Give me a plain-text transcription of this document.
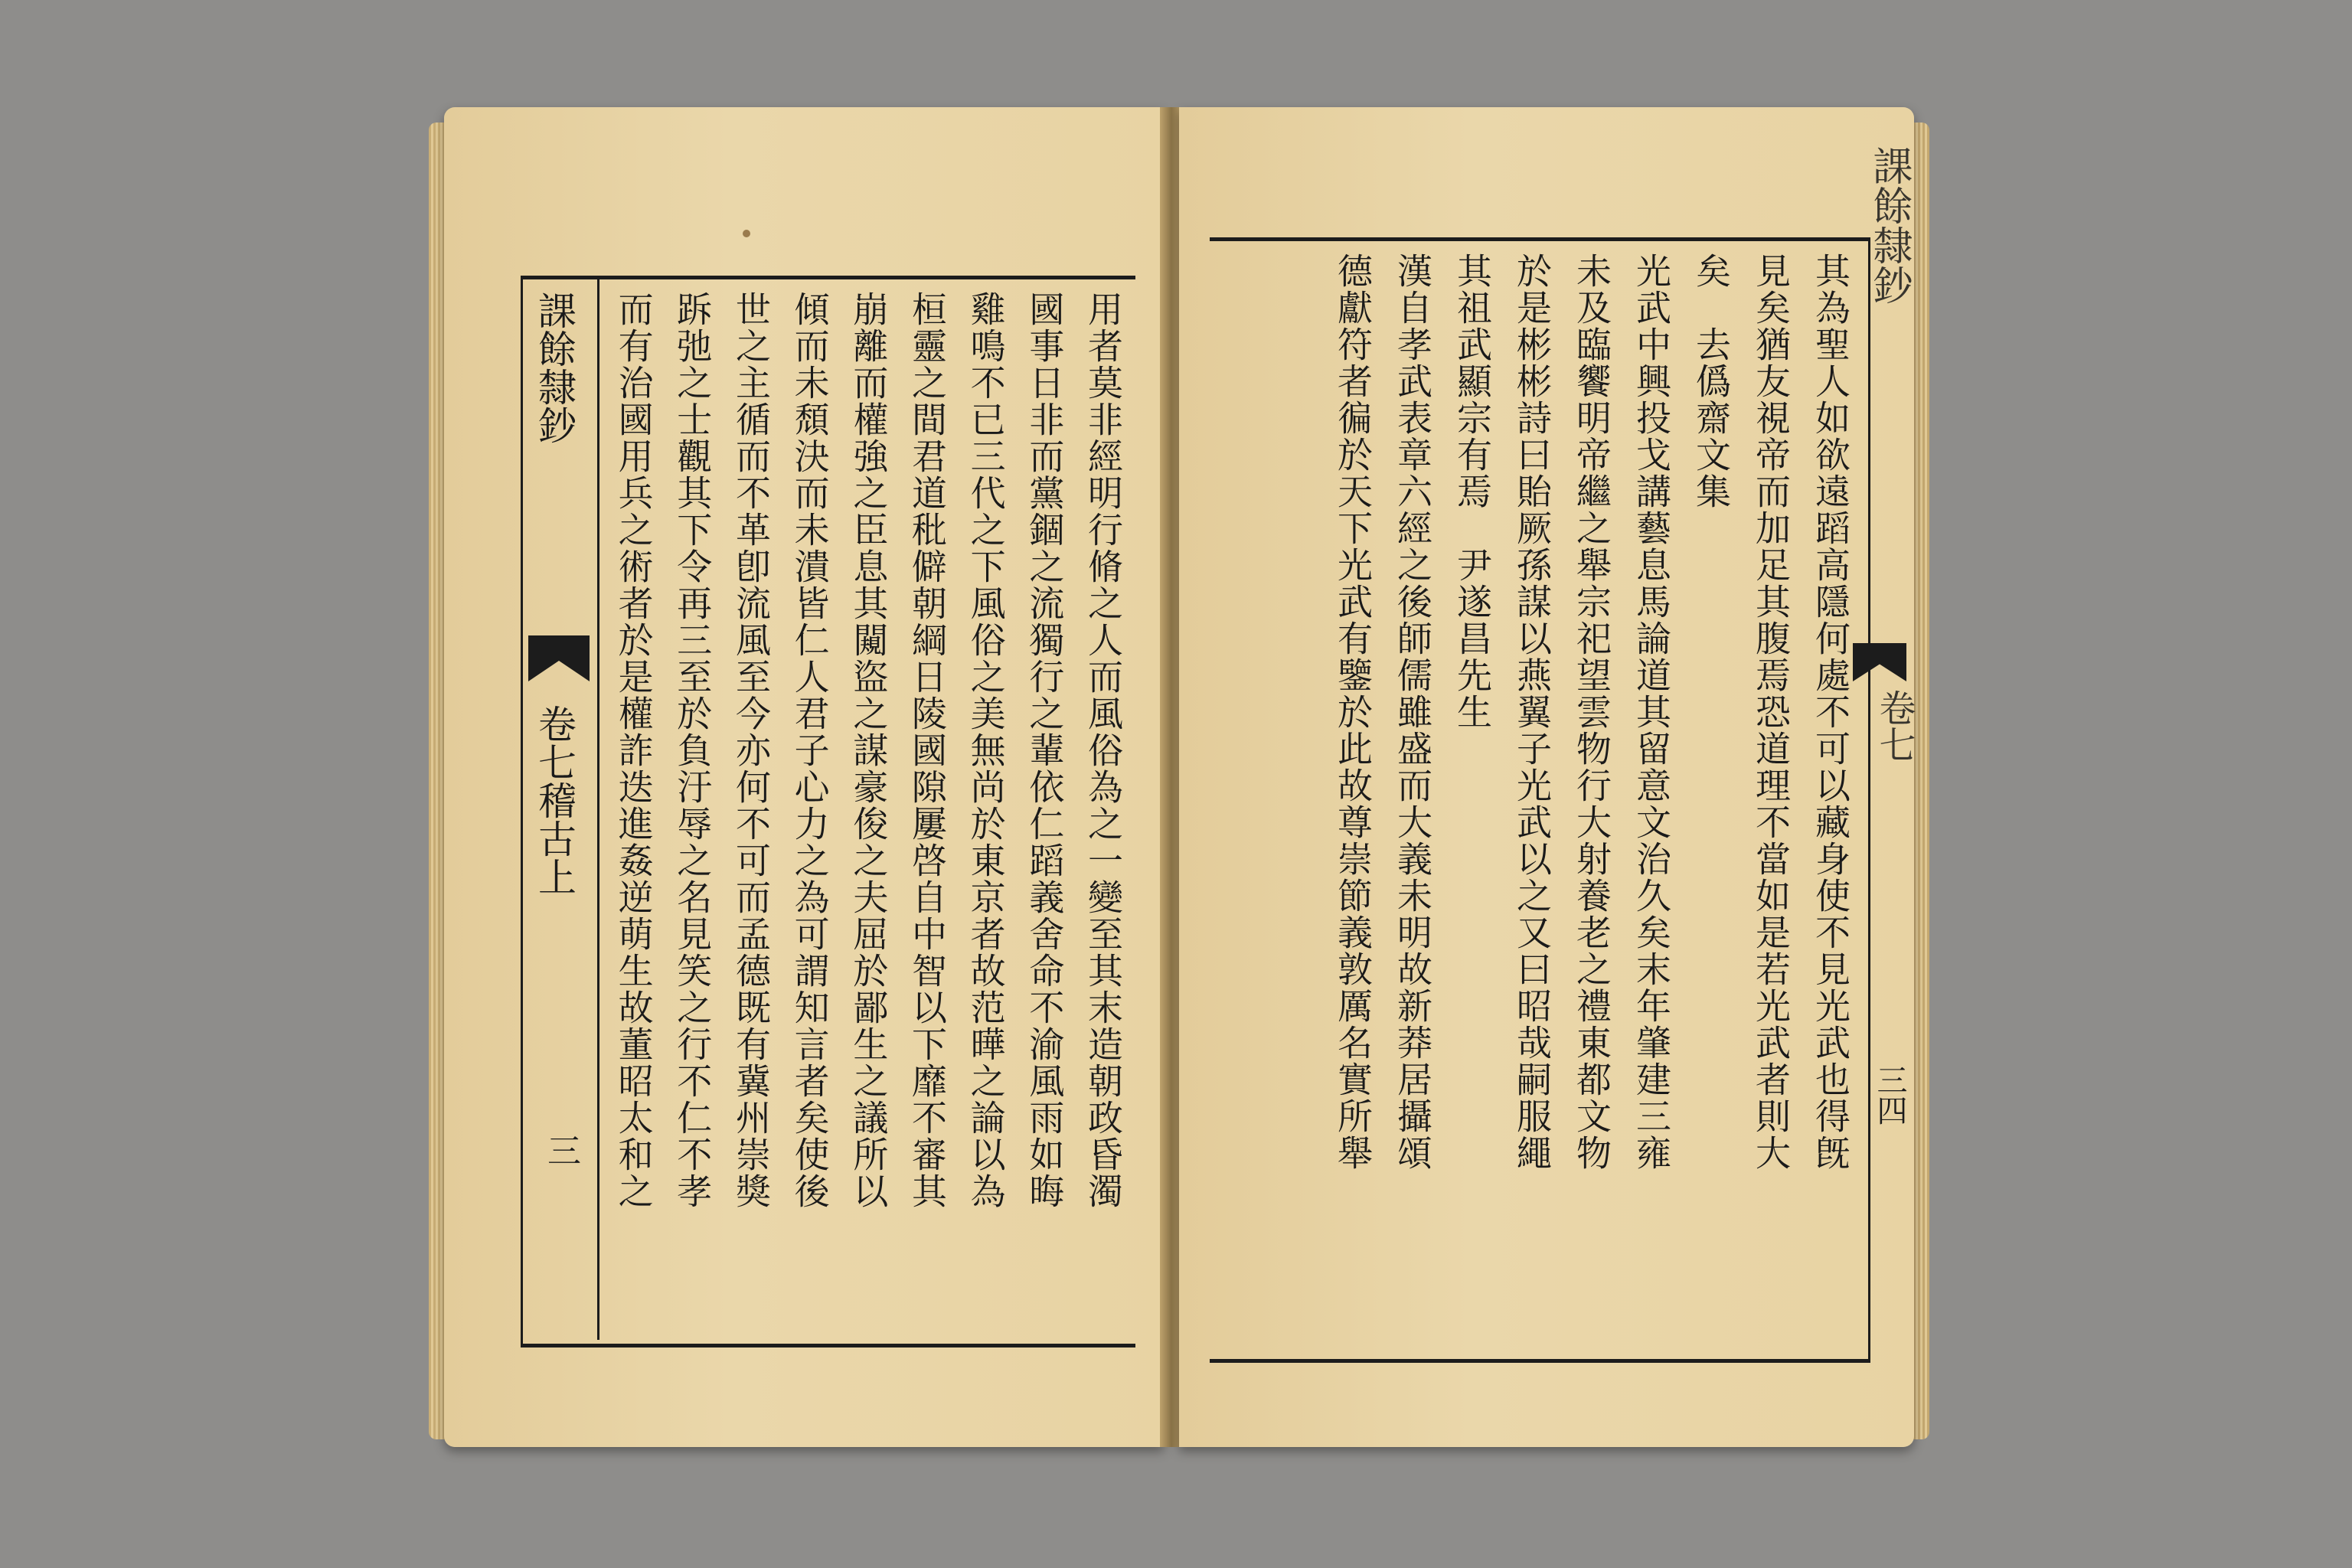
課餘隸鈔
卷七稽古上
三	用者莫非經明行脩之人而風俗為之一變至其末造朝政昏濁
國事日非而黨錮之流獨行之輩依仁蹈義舍命不渝風雨如晦
雞鳴不已三代之下風俗之美無尚於東京者故范曄之論以為
桓靈之間君道秕僻朝綱日陵國隙屢啓自中智以下靡不審其
崩離而權強之臣息其闚盜之謀豪俊之夫屈於鄙生之議所以
傾而未頹決而未潰皆仁人君子心力之為可謂知言者矣使後
世之主循而不革卽流風至今亦何不可而孟德既有冀州崇獎
跅弛之士觀其下令再三至於負汙辱之名見笑之行不仁不孝
而有治國用兵之術者於是權詐迭進姦逆萌生故董昭太和之
課餘隸鈔
卷七
三四
其為聖人如欲遠蹈高隱何處不可以藏身使不見光武也得旣
見矣猶友視帝而加足其腹焉恐道理不當如是若光武者則大
矣　去僞齋文集
光武中興投戈講藝息馬論道其留意文治久矣末年肇建三雍
未及臨饗明帝繼之舉宗祀望雲物行大射養老之禮東都文物
於是彬彬詩曰貽厥孫謀以燕翼子光武以之又曰昭哉嗣服繩
其祖武顯宗有焉　尹遂昌先生
漢自孝武表章六經之後師儒雖盛而大義未明故新莽居攝頌
德獻符者徧於天下光武有鑒於此故尊崇節義敦厲名實所舉
